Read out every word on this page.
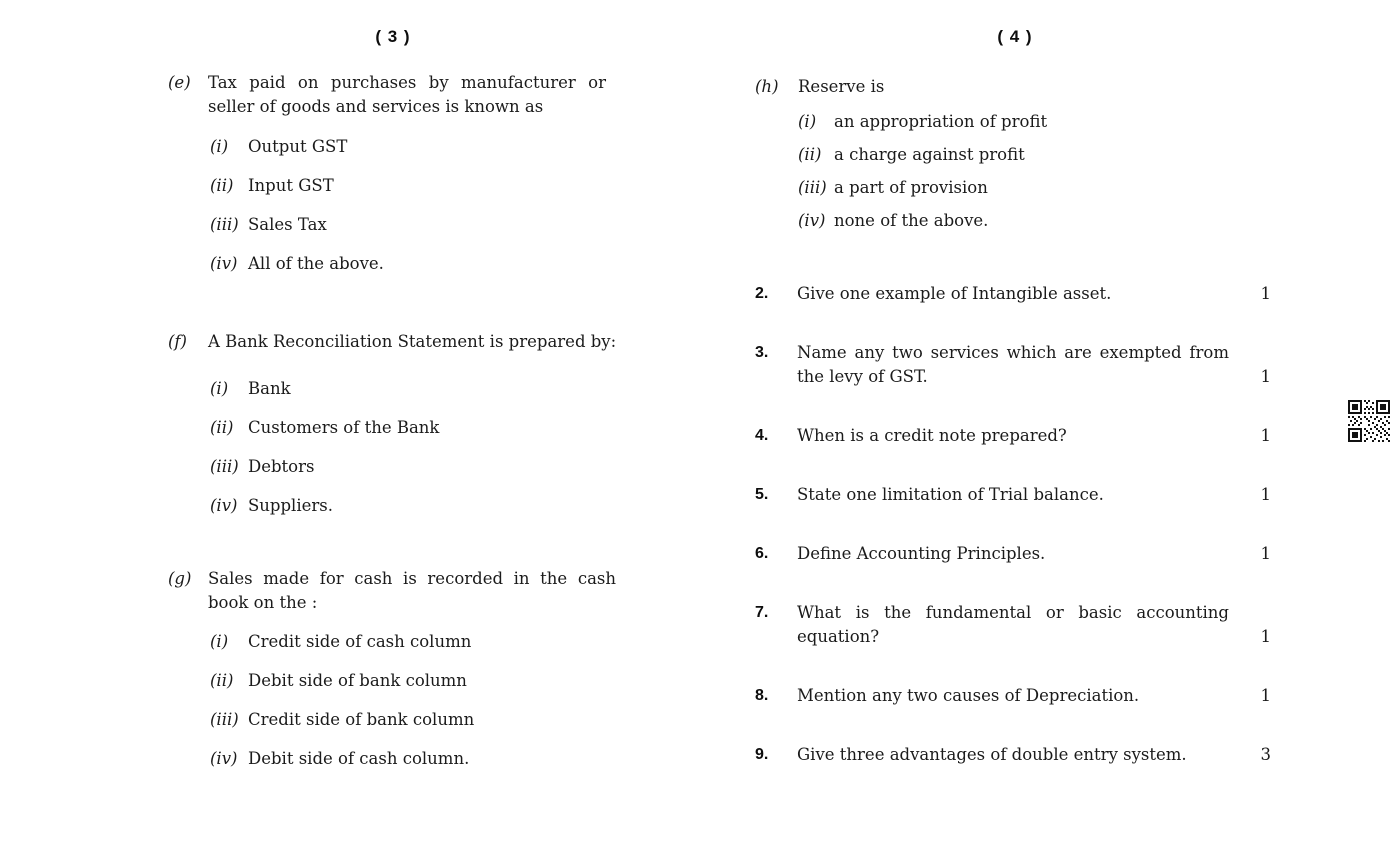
( 3 )
(e)	Tax paid on purchases by manufacturer or seller of goods and services is known as

(i)	Output GST
(ii) Input GST
(iii) Sales Tax
(iv) All of the above.
(f)	A Bank Reconciliation Statement is prepared by:

(i)	Bank
(ii) Customers of the Bank
(iii) Debtors
(iv) Suppliers.
(g)	Sales made for cash is recorded in the cash book on the :

(i)	Credit side of cash column
(ii) Debit side of bank column
(iii) Credit side of bank column
(iv) Debit side of cash column.
( 4 )
(h)	Reserve is

(i)	an appropriation of profit
(ii) a charge against profit
(iii) a part of provision
(iv) none of the above.
2.	Give one example of Intangible asset.	1
3.	Name any two services which are exempted from the levy of GST.	1
4.	When is a credit note prepared?	1
5.	State one limitation of Trial balance.	1
6.	Define Accounting Principles.	1
7.	What is the fundamental or basic accounting equation?	1
8.	Mention any two causes of Depreciation.	1
9.	Give three advantages of double entry system.	3
